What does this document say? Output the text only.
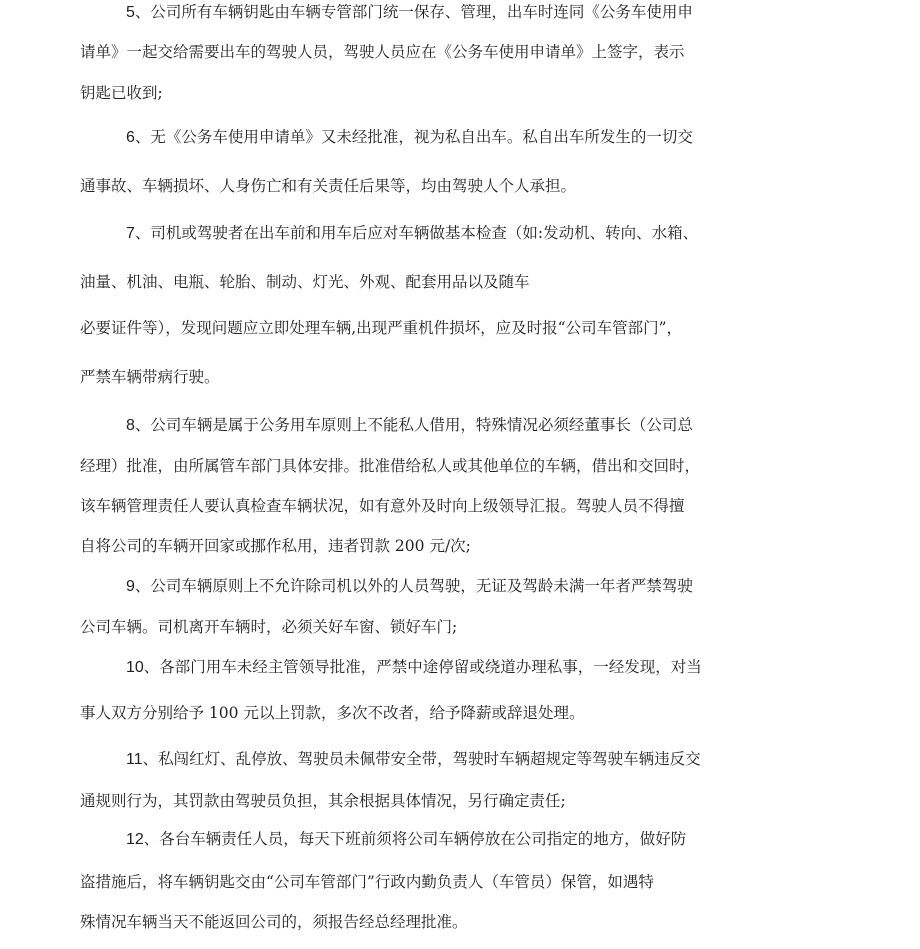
5、公司所有车辆钥匙由车辆专管部门统一保存、管理，出车时连同《公务车使用申
请单》一起交给需要出车的驾驶人员，驾驶人员应在《公务车使用申请单》上签字，表示
钥匙已收到;
6、无《公务车使用申请单》又未经批准，视为私自出车。私自出车所发生的一切交
通事故、车辆损坏、人身伤亡和有关责任后果等，均由驾驶人个人承担。
7、司机或驾驶者在出车前和用车后应对车辆做基本检查（如:发动机、转向、水箱、
油量、机油、电瓶、轮胎、制动、灯光、外观、配套用品以及随车
必要证件等），发现问题应立即处理车辆,出现严重机件损坏，应及时报“公司车管部门”，
严禁车辆带病行驶。
8、公司车辆是属于公务用车原则上不能私人借用，特殊情况必须经董事长（公司总
经理）批准，由所属管车部门具体安排。批准借给私人或其他单位的车辆，借出和交回时，
该车辆管理责任人要认真检查车辆状况，如有意外及时向上级领导汇报。驾驶人员不得擅
自将公司的车辆开回家或挪作私用，违者罚款 200 元/次;
9、公司车辆原则上不允许除司机以外的人员驾驶，无证及驾龄未满一年者严禁驾驶
公司车辆。司机离开车辆时，必须关好车窗、锁好车门;
10、各部门用车未经主管领导批准，严禁中途停留或绕道办理私事，一经发现，对当
事人双方分别给予 100 元以上罚款，多次不改者，给予降薪或辞退处理。
11、私闯红灯、乱停放、驾驶员未佩带安全带，驾驶时车辆超规定等驾驶车辆违反交
通规则行为，其罚款由驾驶员负担，其余根据具体情况，另行确定责任;
12、各台车辆责任人员，每天下班前须将公司车辆停放在公司指定的地方，做好防
盗措施后，将车辆钥匙交由“公司车管部门”行政内勤负责人（车管员）保管，如遇特
殊情况车辆当天不能返回公司的，须报告经总经理批准。
